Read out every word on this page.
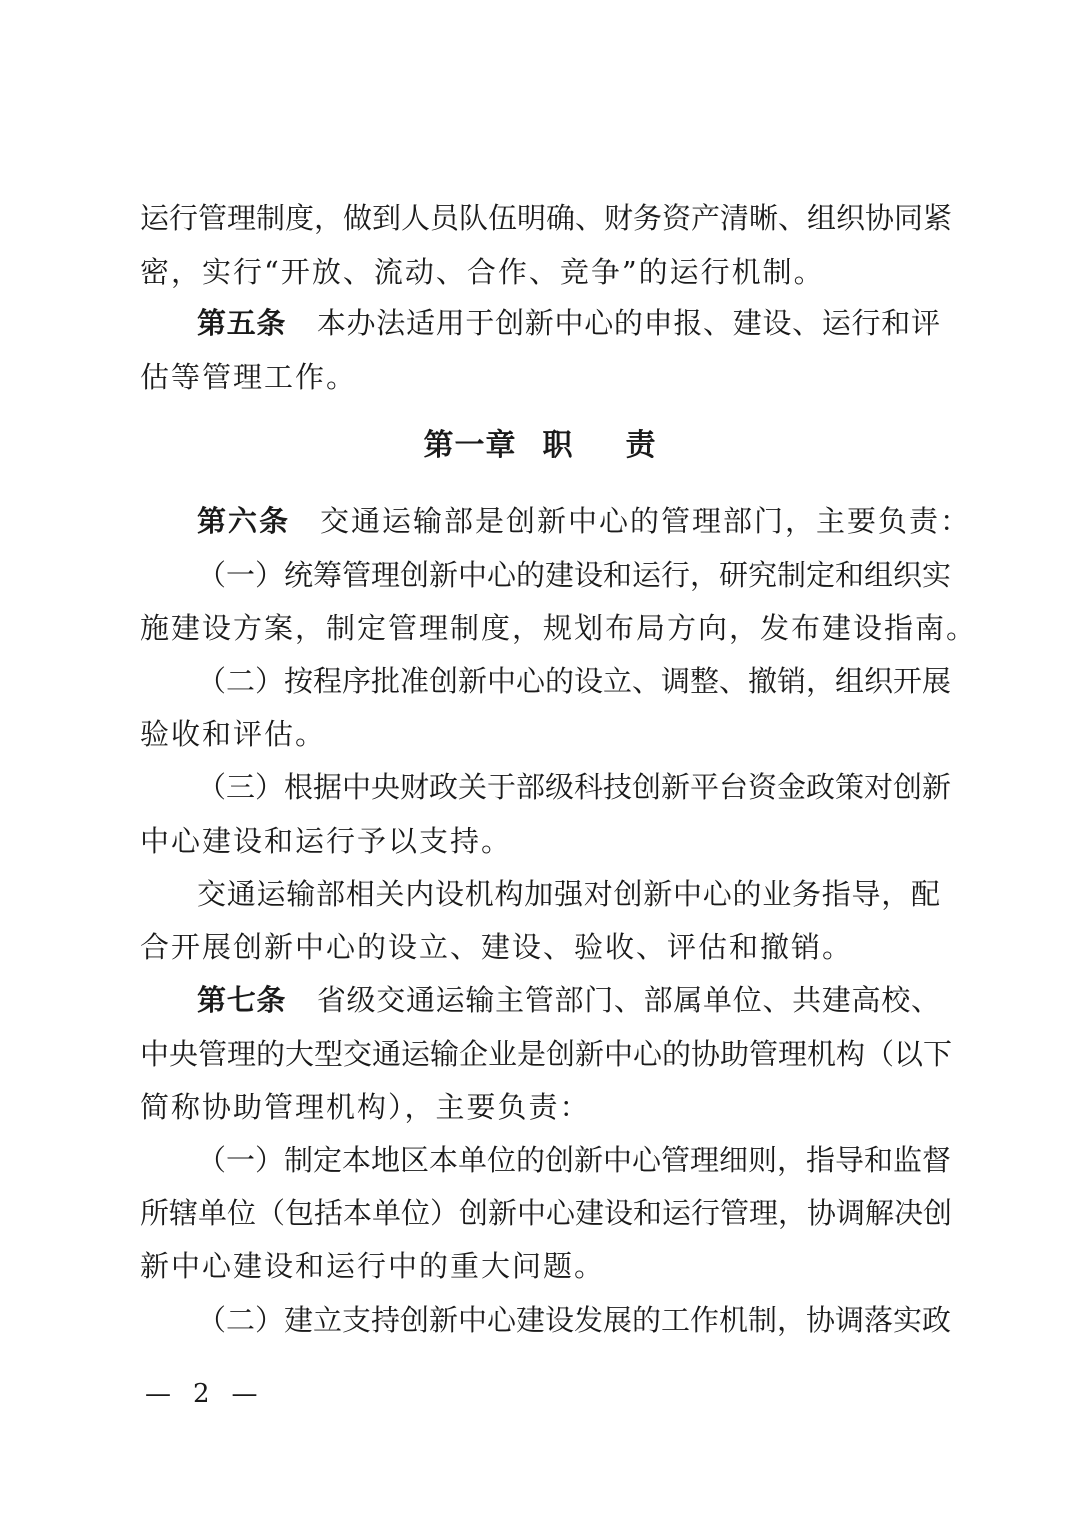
运行管理制度，做到人员队伍明确、财务资产清晰、组织协同紧
密，实行“开放、流动、合作、竞争”的运行机制。
第五条 本办法适用于创新中心的申报、建设、运行和评
估等管理工作。
第一章 职 责
第六条 交通运输部是创新中心的管理部门，主要负责：
（一）统筹管理创新中心的建设和运行，研究制定和组织实
施建设方案，制定管理制度，规划布局方向，发布建设指南。
（二）按程序批准创新中心的设立、调整、撤销，组织开展
验收和评估。
（三）根据中央财政关于部级科技创新平台资金政策对创新
中心建设和运行予以支持。
交通运输部相关内设机构加强对创新中心的业务指导，配
合开展创新中心的设立、建设、验收、评估和撤销。
第七条 省级交通运输主管部门、部属单位、共建高校、
中央管理的大型交通运输企业是创新中心的协助管理机构（以下
简称协助管理机构），主要负责：
（一）制定本地区本单位的创新中心管理细则，指导和监督
所辖单位（包括本单位）创新中心建设和运行管理，协调解决创
新中心建设和运行中的重大问题。
（二）建立支持创新中心建设发展的工作机制，协调落实政
— 2 —
